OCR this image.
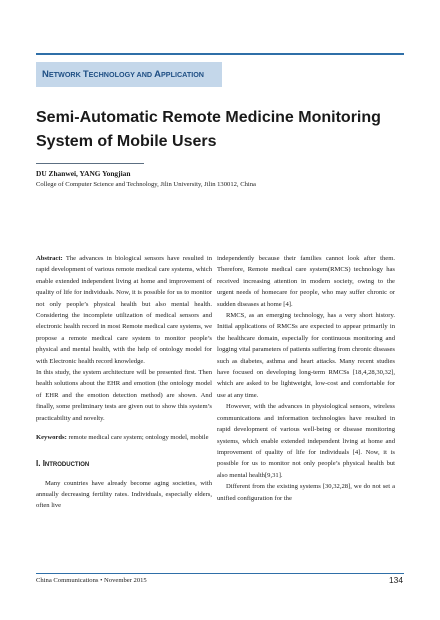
NETWORK TECHNOLOGY AND APPLICATION
Semi-Automatic Remote Medicine Monitoring System of Mobile Users
DU Zhanwei, YANG Yongjian
College of Computer Science and Technology, Jilin University, Jilin 130012, China

Abstract: The advances in biological sensors have resulted in rapid development of various remote medical care systems, which enable extended independent living at home and improvement of quality of life for individuals. Now, it is possible for us to monitor not only people’s physical health but also mental health. Considering the incomplete utilization of medical sensors and electronic health record in most Remote medical care systems, we propose a remote medical care system to monitor people’s physical and mental health, with the help of ontology model for with Electronic health record knowledge.

In this study, the system architecture will be presented first. Then health solutions about the EHR and emotion (the ontology model of EHR and the emotion detection method) are shown. And finally, some preliminary tests are given out to show this system’s practicability and novelty.

Keywords: remote medical care system; ontology model, mobile

I. Introduction

Many countries have already become aging societies, with annually decreasing fertility rates. Individuals, especially elders, often live

independently because their families cannot look after them. Therefore, Remote medical care system(RMCS) technology has received increasing attention in modern society, owing to the urgent needs of homecare for people, who may suffer chronic or sudden diseases at home [4].

RMCS, as an emerging technology, has a very short history. Initial applications of RMCSs are expected to appear primarily in the healthcare domain, especially for continuous monitoring and logging vital parameters of patients suffering from chronic diseases such as diabetes, asthma and heart attacks. Many recent studies have focused on developing long-term RMCSs [18,4,28,30,32], which are asked to be lightweight, low-cost and comfortable for use at any time.

However, with the advances in physiological sensors, wireless communications and information technologies have resulted in rapid development of various well-being or disease monitoring systems, which enable extended independent living at home and improvement of quality of life for individuals [4]. Now, it is possible for us to monitor not only people’s physical health but also mental health[9,31].

Different from the existing systems [30,32,28], we do not set a unified configuration for the

China Communications • November 2015	134
